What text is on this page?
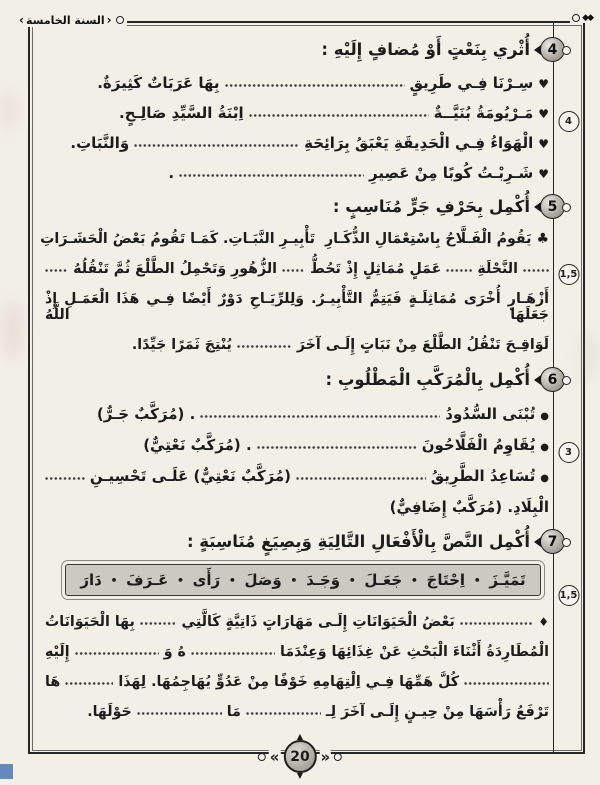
‹
السنة الخامسة
›	◆◆
4
1,5
3
1,5
4
أُثْري بِنَعْتٍ أَوْ مُضافٍ إِلَيْهِ :
♥
سِـرْنَا فِـي طَرِيقٍ
بِهَا عَرَبَاتٌ كَثِيرَةٌ.
♥
مَـرْيُومَةُ بُنَيَّــةٌ
اِبْنَةُ السَّيِّدِ صَالِـحٍ.
♥
الْهَوَاءُ فِـي الْحَدِيقَةِ يَعْبَقُ بِرَائِحَةِ
وَالنَّبَاتِ.
♥
شَـرِبْـتُ كُوبًا مِنْ عَصِيرِ
.
5
أُكْمِل بِحَرْفِ جَرٍّ مُنَاسِبٍ :
♣
يَقُومُ الْفَـلَّاحُ بِاسْتِعْمَالِ الذُّكَـارِ
تَأْبِيـرِ النَّبَـاتِ. كَمَـا تَقُومُ بَعْضُ الْحَشَـرَاتِ
النَّحْلَةِ
عَمَلٍ مُمَاثِلٍ إِذْ تَحُطُّ
الزُّهُورِ وَتَحْمِلُ الطَّلْعَ ثُمَّ تَنْقُلُهُ
أَزْهَـارٍ أُخْرَى مُمَاثِلَـةٍ فَيَتِمُّ التَّأْبِيـرُ. وَلِلرِّيَـاحِ دَوْرٌ أَيْضًا فِـي هَذَا الْعَمَـلِ إِذْ جَعَلَهَا اللَّهُ
لَوَاقِـحَ تَنْقُلُ الطَّلْعَ مِنْ نَبَاتٍ إِلَـى آخَرَ
يُنْتِجَ ثَمَرًا جَيِّدًا.
6
أُكْمِل بِالْمُرَكَّبِ الْمَطْلُوبِ :
●
تُبْنَى السُّدُودُ
. (مُرَكَّبٌ جَـرٌّ)
●
يُقَاوِمُ الْفَلَّاحُونَ
. (مُرَكَّبٌ نَعْتِيٌّ)
●
تُسَاعِدُ الطَّرِيقُ
(مُرَكَّبٌ نَعْتِيٌّ) عَلَـى تَحْسِيـنِ
الْبِلَادِ. (مُرَكَّبٌ إِضَافِيٌّ)
7
أُكْمِل النَّصَّ بِالْأَفْعَالِ التَّالِيَةِ وَبِصِيَغٍ مُنَاسِبَةٍ :
تَمَيَّـزَ
•
اِحْتَاجَ
•
جَعَـلَ
•
وَجَـدَ
•
وَصَلَ
•
رَأَى
•
عَـرَفَ
•
دَارَ
♦
بَعْضُ الْحَيَوَانَاتِ إِلَـى مَهَارَاتٍ ذَاتِيَّةٍ كَالَّتِي
بِهَا الْحَيَوَانَاتُ
الْمُطَارِدَةُ أَثْنَاءَ الْبَحْثِ عَنْ غِذَائِهَا وَعِنْدَمَا
هُ وَ
إِلَيْهِ
كُلَّ هَمِّهَا فِـي اِلْتِهَامِهِ خَوْفًا مِنْ عَدُوٍّ يُهَاجِمُهَا. لِهَذَا
هَا
تَرْفَعُ رَأْسَهَا مِنْ حِيـنٍ إِلَـى آخَرَ لِـ
مَا
حَوْلَهَا.
«
▲
20
▼
»
